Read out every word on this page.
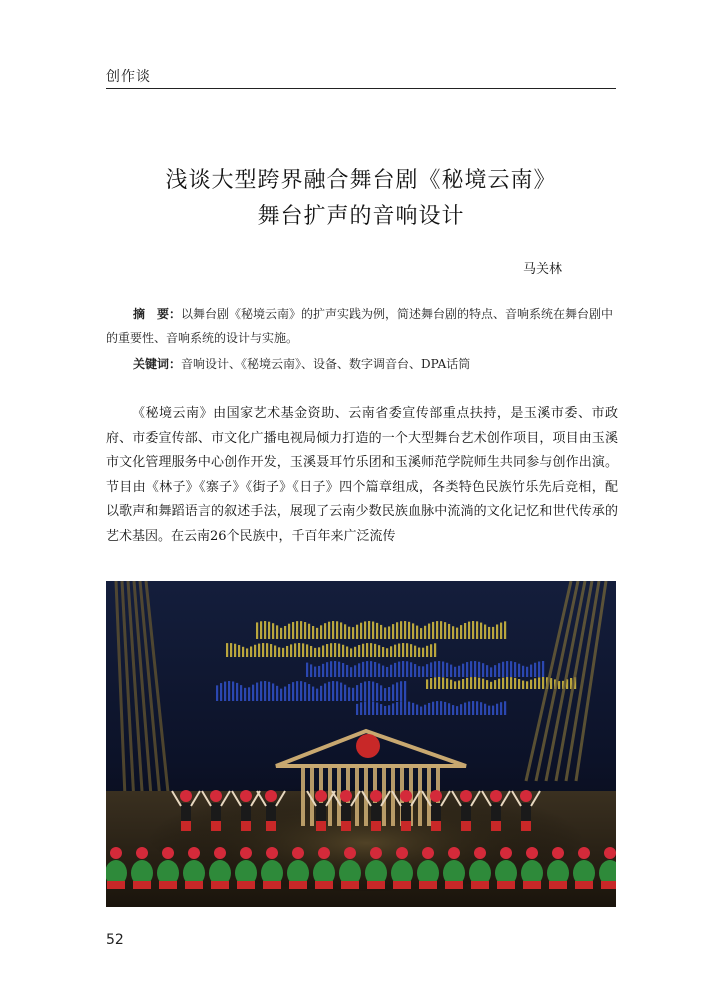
创作谈
浅谈大型跨界融合舞台剧《秘境云南》
舞台扩声的音响设计
马关林
摘　要：以舞台剧《秘境云南》的扩声实践为例，简述舞台剧的特点、音响系统在舞台剧中的重要性、音响系统的设计与实施。
关键词：音响设计、《秘境云南》、设备、数字调音台、DPA话筒
《秘境云南》由国家艺术基金资助、云南省委宣传部重点扶持，是玉溪市委、市政府、市委宣传部、市文化广播电视局倾力打造的一个大型舞台艺术创作项目，项目由玉溪市文化管理服务中心创作开发，玉溪聂耳竹乐团和玉溪师范学院师生共同参与创作出演。节目由《林子》《寨子》《街子》《日子》四个篇章组成，各类特色民族竹乐先后竞相，配以歌声和舞蹈语言的叙述手法，展现了云南少数民族血脉中流淌的文化记忆和世代传承的艺术基因。在云南26个民族中，千百年来广泛流传
52
